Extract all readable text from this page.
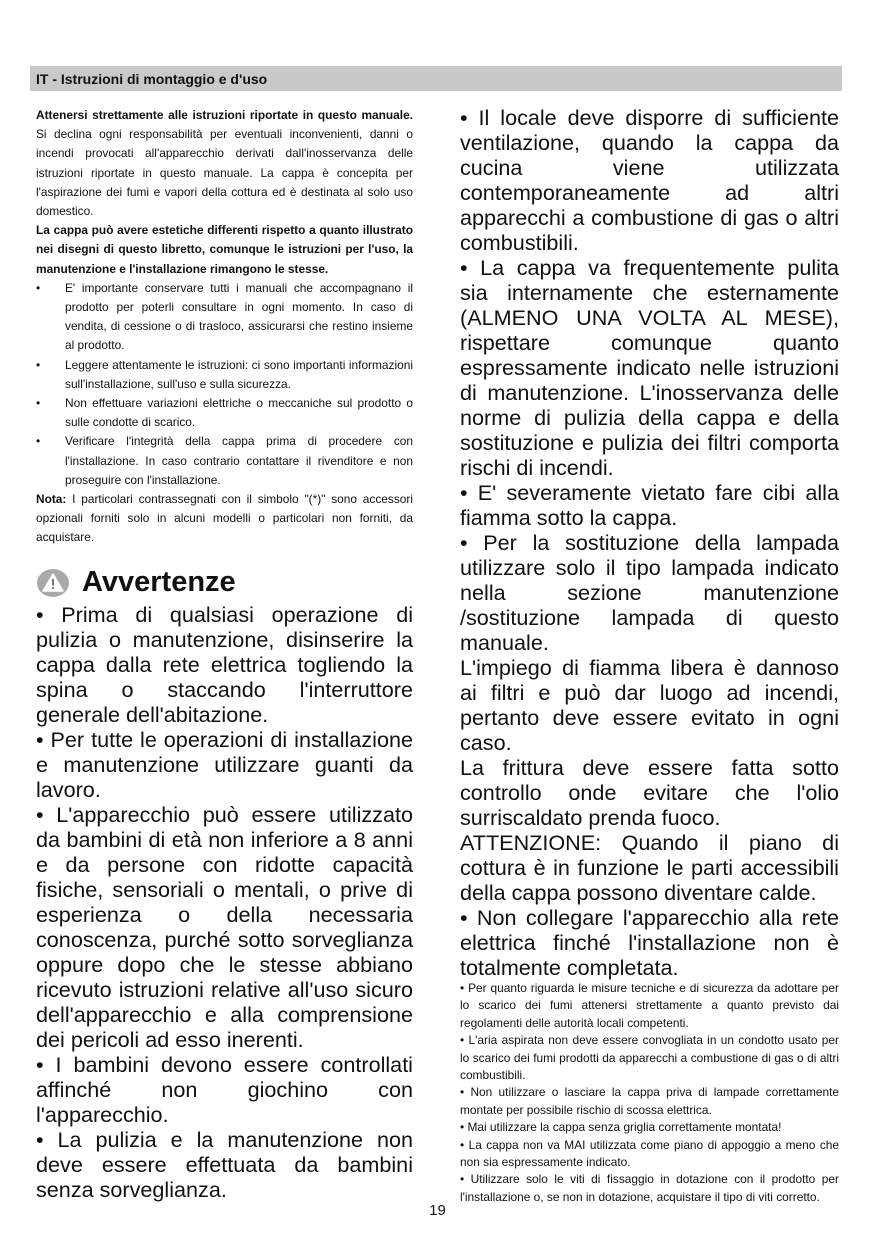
IT - Istruzioni di montaggio e d'uso

Attenersi strettamente alle istruzioni riportate in questo manuale. Si declina ogni responsabilità per eventuali inconvenienti, danni o incendi provocati all'apparecchio derivati dall'inosservanza delle istruzioni riportate in questo manuale. La cappa è concepita per l'aspirazione dei fumi e vapori della cottura ed è destinata al solo uso domestico.

La cappa può avere estetiche differenti rispetto a quanto illustrato nei disegni di questo libretto, comunque le istruzioni per l'uso, la manutenzione e l'installazione rimangono le stesse.

•	E' importante conservare tutti i manuali che accompagnano il prodotto per poterli consultare in ogni momento. In caso di vendita, di cessione o di trasloco, assicurarsi che restino insieme al prodotto.
•	Leggere attentamente le istruzioni: ci sono importanti informazioni sull'installazione, sull'uso e sulla sicurezza.
•	Non effettuare variazioni elettriche o meccaniche sul prodotto o sulle condotte di scarico.
•	Verificare l'integrità della cappa prima di procedere con l'installazione. In caso contrario contattare il rivenditore e non proseguire con l'installazione.

Nota: I particolari contrassegnati con il simbolo "(*)" sono accessori opzionali forniti solo in alcuni modelli o particolari non forniti, da acquistare.

Avvertenze

• Prima di qualsiasi operazione di pulizia o manutenzione, disinserire la cappa dalla rete elettrica togliendo la spina o staccando l'interruttore generale dell'abitazione.

• Per tutte le operazioni di installazione e manutenzione utilizzare guanti da lavoro.

• L'apparecchio può essere utilizzato da bambini di età non inferiore a 8 anni e da persone con ridotte capacità fisiche, sensoriali o mentali, o prive di esperienza o della necessaria conoscenza, purché sotto sorveglianza oppure dopo che le stesse abbiano ricevuto istruzioni relative all'uso sicuro dell'apparecchio e alla comprensione dei pericoli ad esso inerenti.

• I bambini devono essere controllati affinché non giochino con l'apparecchio.

• La pulizia e la manutenzione non deve essere effettuata da bambini senza sorveglianza.

• Il locale deve disporre di sufficiente ventilazione, quando la cappa da cucina viene utilizzata contemporaneamente ad altri apparecchi a combustione di gas o altri combustibili.

• La cappa va frequentemente pulita sia internamente che esternamente (ALMENO UNA VOLTA AL MESE), rispettare comunque quanto espressamente indicato nelle istruzioni di manutenzione. L'inosservanza delle norme di pulizia della cappa e della sostituzione e pulizia dei filtri comporta rischi di incendi.

• E' severamente vietato fare cibi alla fiamma sotto la cappa.

• Per la sostituzione della lampada utilizzare solo il tipo lampada indicato nella sezione manutenzione /sostituzione lampada di questo manuale.

L'impiego di fiamma libera è dannoso ai filtri e può dar luogo ad incendi, pertanto deve essere evitato in ogni caso.

La frittura deve essere fatta sotto controllo onde evitare che l'olio surriscaldato prenda fuoco.

ATTENZIONE: Quando il piano di cottura è in funzione le parti accessibili della cappa possono diventare calde.

• Non collegare l'apparecchio alla rete elettrica finché l'installazione non è totalmente completata.

• Per quanto riguarda le misure tecniche e di sicurezza da adottare per lo scarico dei fumi attenersi strettamente a quanto previsto dai regolamenti delle autorità locali competenti.

• L'aria aspirata non deve essere convogliata in un condotto usato per lo scarico dei fumi prodotti da apparecchi a combustione di gas o di altri combustibili.

• Non utilizzare o lasciare la cappa priva di lampade correttamente montate per possibile rischio di scossa elettrica.

• Mai utilizzare la cappa senza griglia correttamente montata!

• La cappa non va MAI utilizzata come piano di appoggio a meno che non sia espressamente indicato.

• Utilizzare solo le viti di fissaggio in dotazione con il prodotto per l'installazione o, se non in dotazione, acquistare il tipo di viti corretto.

19
